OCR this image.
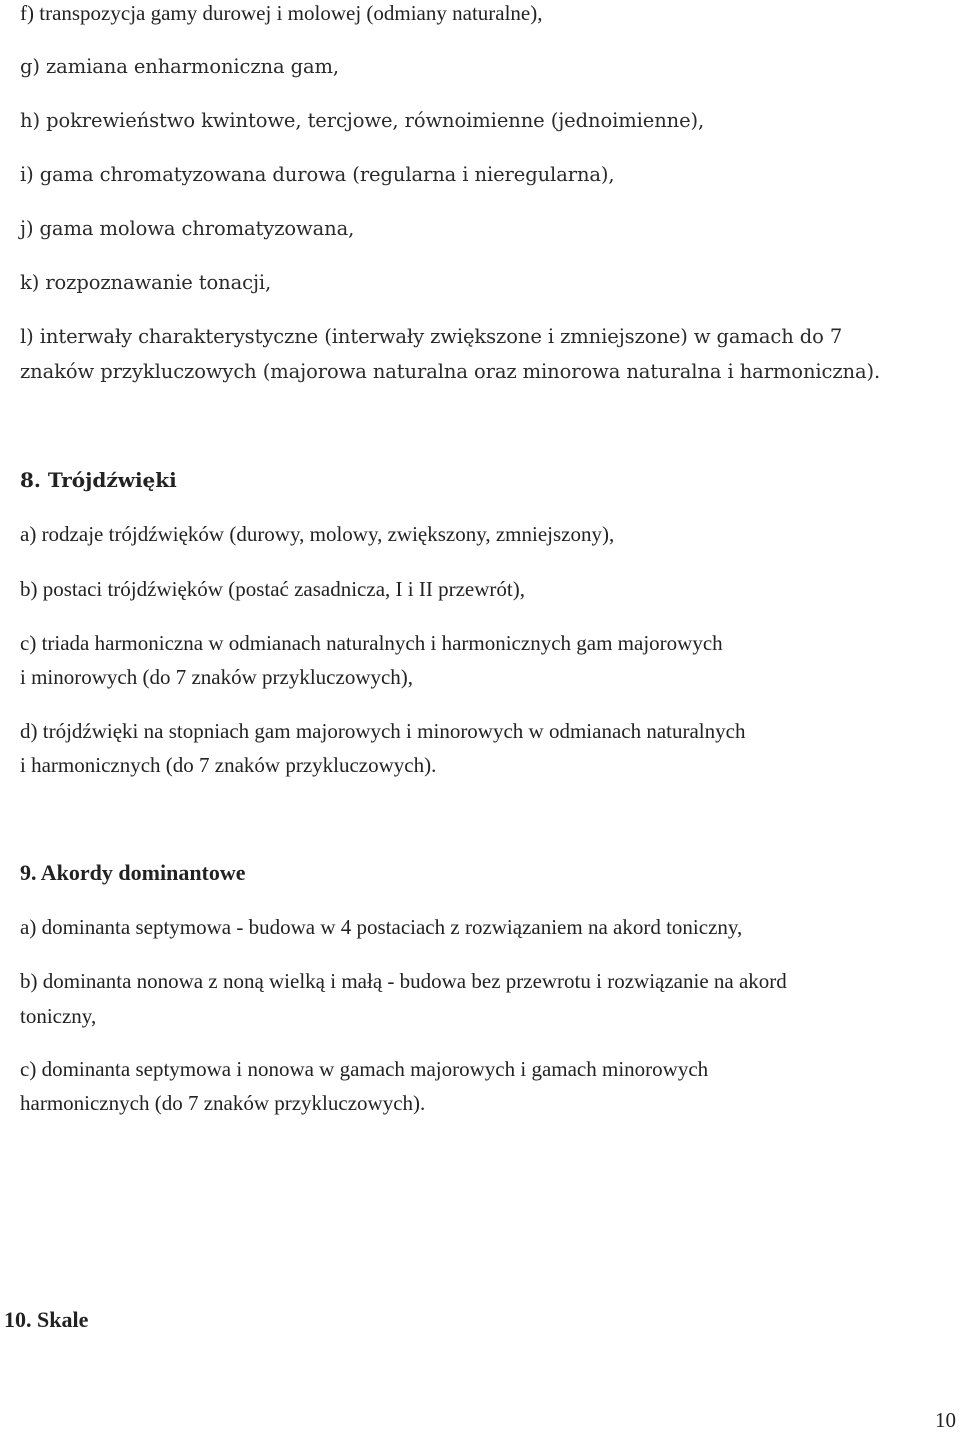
f) transpozycja gamy durowej i molowej (odmiany naturalne),
g) zamiana enharmoniczna gam,
h) pokrewieństwo kwintowe, tercjowe, równoimienne (jednoimienne),
i) gama chromatyzowana durowa (regularna i nieregularna),
j) gama molowa chromatyzowana,
k) rozpoznawanie tonacji,
l) interwały charakterystyczne (interwały zwiększone i zmniejszone) w gamach do 7
znaków przykluczowych (majorowa naturalna oraz minorowa naturalna i harmoniczna).
8. Trójdźwięki
a) rodzaje trójdźwięków (durowy, molowy, zwiększony, zmniejszony),
b) postaci trójdźwięków (postać zasadnicza, I i II przewrót),
c) triada harmoniczna w odmianach naturalnych i harmonicznych gam majorowych
i minorowych (do 7 znaków przykluczowych),
d) trójdźwięki na stopniach gam majorowych i minorowych w odmianach naturalnych
i harmonicznych (do 7 znaków przykluczowych).
9. Akordy dominantowe
a) dominanta septymowa - budowa w 4 postaciach z rozwiązaniem na akord toniczny,
b) dominanta nonowa z noną wielką i małą - budowa bez przewrotu i rozwiązanie na akord
toniczny,
c) dominanta septymowa i nonowa w gamach majorowych i gamach minorowych
harmonicznych (do 7 znaków przykluczowych).
10. Skale
10
